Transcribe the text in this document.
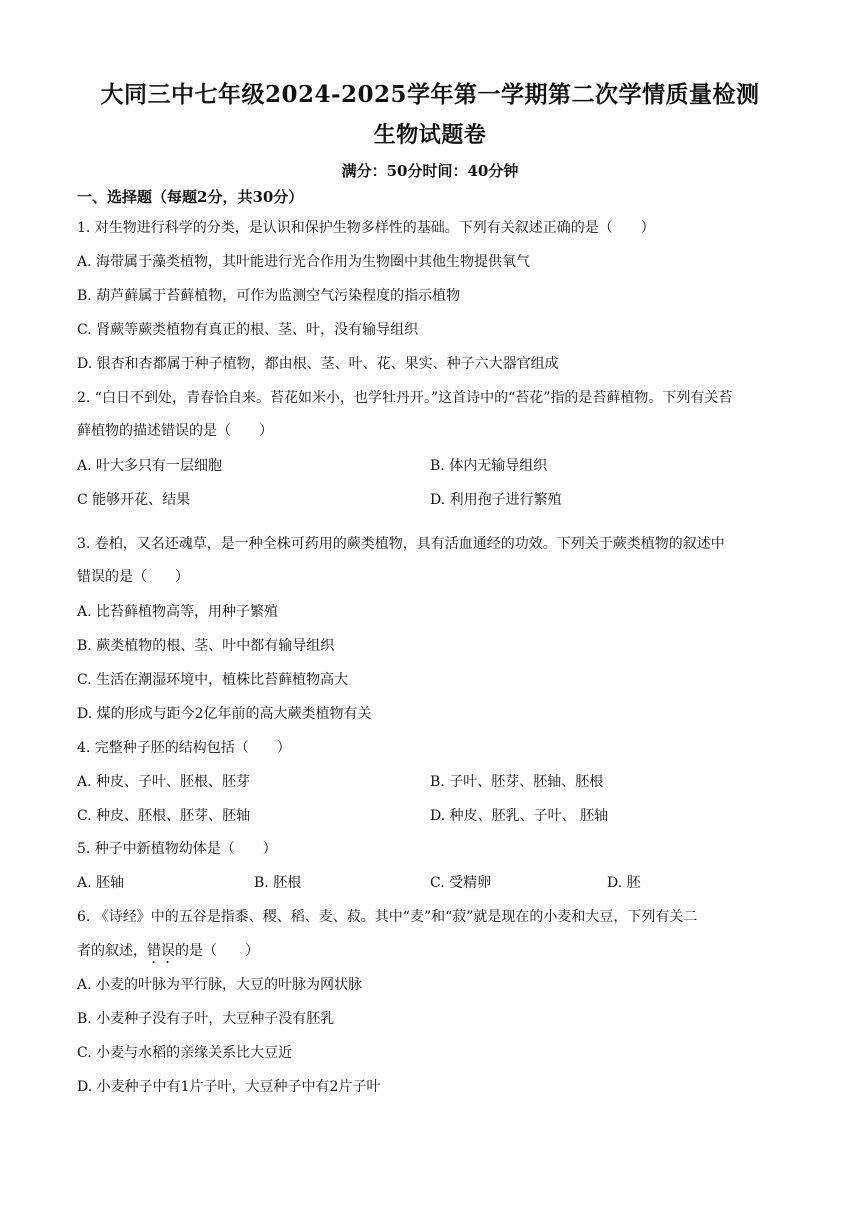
大同三中七年级2024-2025学年第一学期第二次学情质量检测
生物试题卷
满分：50分时间：40分钟
一、选择题（每题2分，共30分）
1. 对生物进行科学的分类，是认识和保护生物多样性的基础。下列有关叙述正确的是（　　）
A. 海带属于藻类植物，其叶能进行光合作用为生物圈中其他生物提供氧气
B. 葫芦藓属于苔藓植物，可作为监测空气污染程度的指示植物
C. 肾蕨等蕨类植物有真正的根、茎、叶，没有输导组织
D. 银杏和杏都属于种子植物，都由根、茎、叶、花、果实、种子六大器官组成
2. “白日不到处，青春恰自来。苔花如米小，也学牡丹开。”这首诗中的“苔花”指的是苔藓植物。下列有关苔
藓植物的描述错误的是（　　）
A. 叶大多只有一层细胞	B. 体内无输导组织
C 能够开花、结果	D. 利用孢子进行繁殖
3. 卷柏，又名还魂草，是一种全株可药用的蕨类植物，具有活血通经的功效。下列关于蕨类植物的叙述中
错误的是（　　）
A. 比苔藓植物高等，用种子繁殖
B. 蕨类植物的根、茎、叶中都有输导组织
C. 生活在潮湿环境中，植株比苔藓植物高大
D. 煤的形成与距今2亿年前的高大蕨类植物有关
4. 完整种子胚的结构包括（　　）
A. 种皮、子叶、胚根、胚芽	B. 子叶、胚芽、胚轴、胚根
C. 种皮、胚根、胚芽、胚轴	D. 种皮、胚乳、子叶、 胚轴
5. 种子中新植物幼体是（　　）
A. 胚轴	B. 胚根	C. 受精卵	D. 胚
6. 《诗经》中的五谷是指黍、稷、稻、麦、菽。其中“麦”和“菽”就是现在的小麦和大豆，下列有关二
者的叙述，错误的是（　　）
A. 小麦的叶脉为平行脉，大豆的叶脉为网状脉
B. 小麦种子没有子叶，大豆种子没有胚乳
C. 小麦与水稻的亲缘关系比大豆近
D. 小麦种子中有1片子叶，大豆种子中有2片子叶
